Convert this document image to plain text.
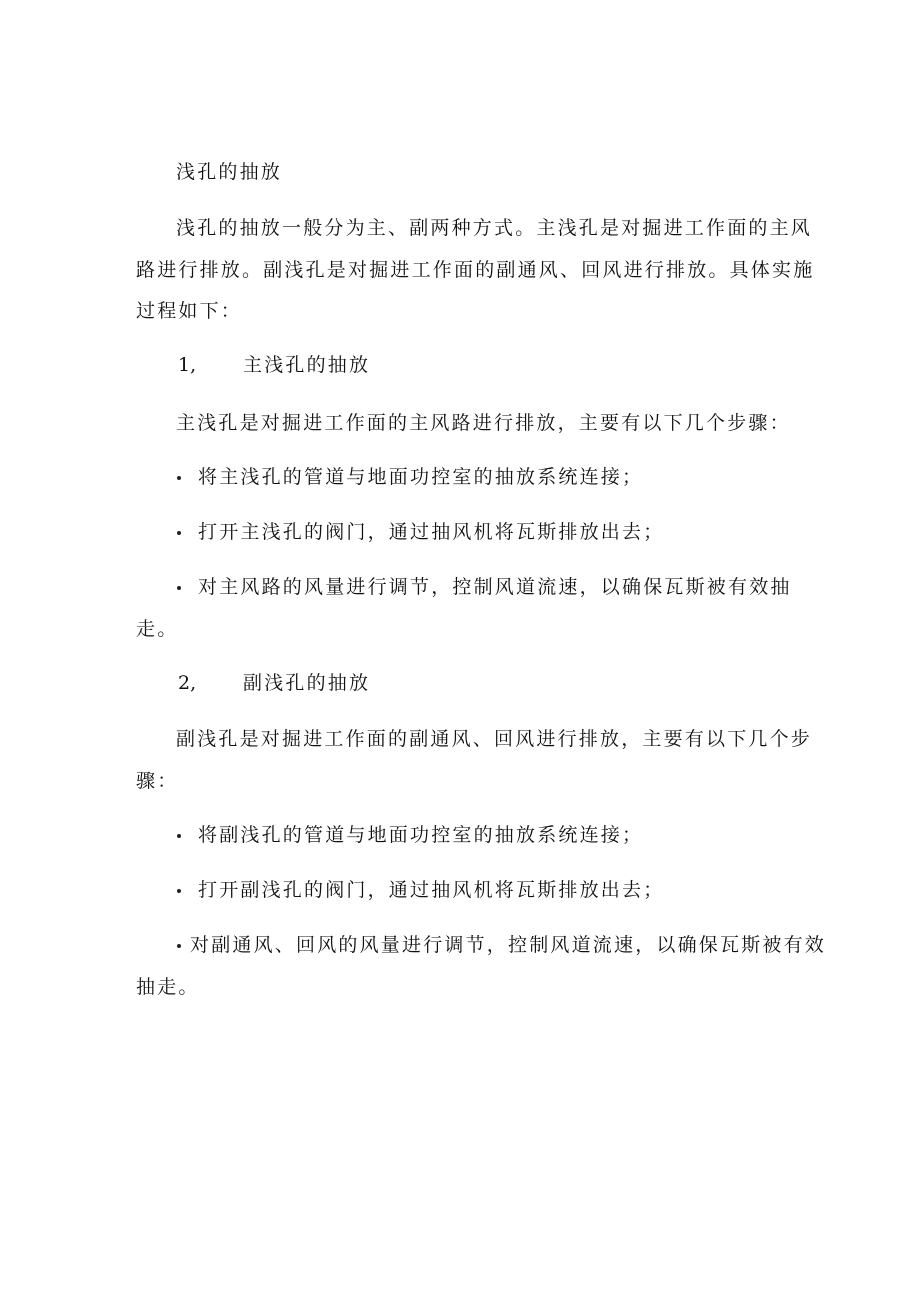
浅孔的抽放

浅孔的抽放一般分为主、副两种方式。主浅孔是对掘进工作面的主风

路进行排放。副浅孔是对掘进工作面的副通风、回风进行排放。具体实施

过程如下：

1, 主浅孔的抽放

主浅孔是对掘进工作面的主风路进行排放，主要有以下几个步骤：

将主浅孔的管道与地面功控室的抽放系统连接；

打开主浅孔的阀门，通过抽风机将瓦斯排放出去；

对主风路的风量进行调节，控制风道流速，以确保瓦斯被有效抽

走。

2, 副浅孔的抽放

副浅孔是对掘进工作面的副通风、回风进行排放，主要有以下几个步

骤：

将副浅孔的管道与地面功控室的抽放系统连接；

打开副浅孔的阀门，通过抽风机将瓦斯排放出去；

对副通风、回风的风量进行调节，控制风道流速，以确保瓦斯被有效

抽走。
